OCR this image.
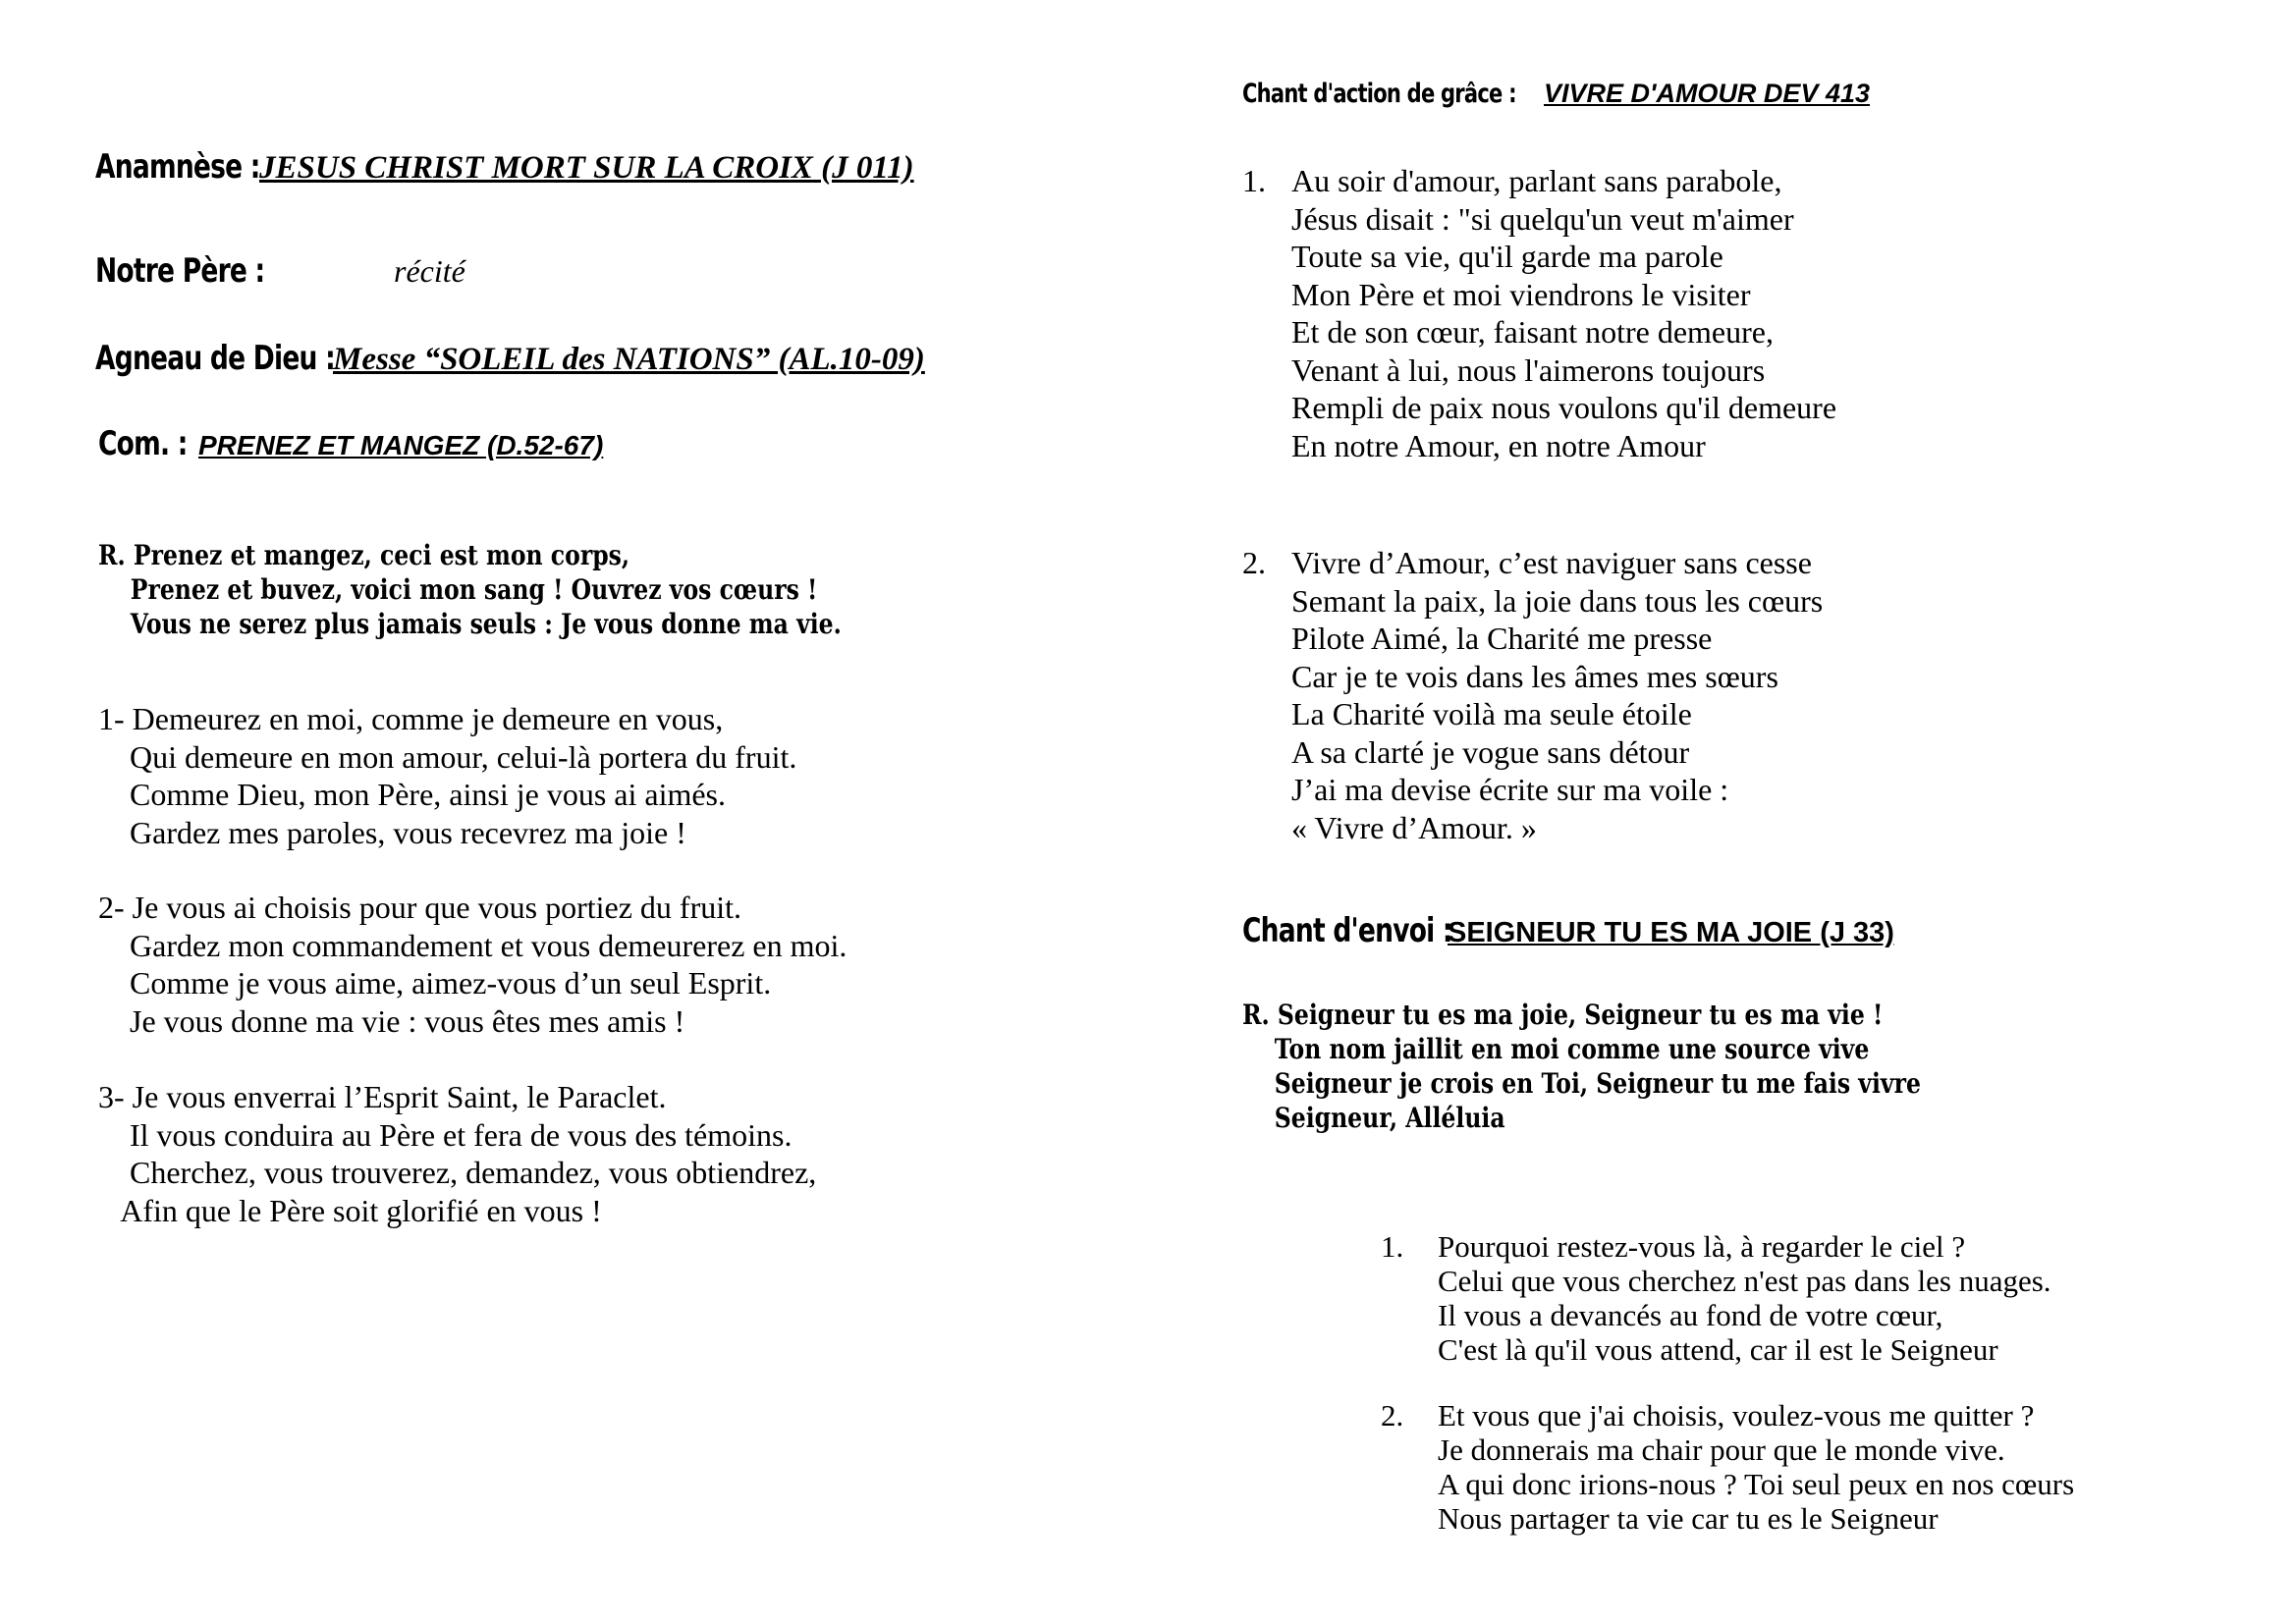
Anamnèse : JESUS CHRIST MORT SUR LA CROIX (J 011)
Notre Père :	récité
Agneau de Dieu : Messe “SOLEIL des NATIONS” (AL.10-09)
Com. : PRENEZ ET MANGEZ (D.52-67)
R. Prenez et mangez, ceci est mon corps,
Prenez et buvez, voici mon sang ! Ouvrez vos cœurs !
Vous ne serez plus jamais seuls : Je vous donne ma vie.
1- Demeurez en moi, comme je demeure en vous,
Qui demeure en mon amour, celui-là portera du fruit.
Comme Dieu, mon Père, ainsi je vous ai aimés.
Gardez mes paroles, vous recevrez ma joie !
2- Je vous ai choisis pour que vous portiez du fruit.
Gardez mon commandement et vous demeurerez en moi.
Comme je vous aime, aimez-vous d’un seul Esprit.
Je vous donne ma vie : vous êtes mes amis !
3- Je vous enverrai l’Esprit Saint, le Paraclet.
Il vous conduira au Père et fera de vous des témoins.
Cherchez, vous trouverez, demandez, vous obtiendrez,
Afin que le Père soit glorifié en vous !
Chant d'action de grâce : VIVRE D'AMOUR DEV 413
1. Au soir d'amour, parlant sans parabole,
Jésus disait : "si quelqu'un veut m'aimer
Toute sa vie, qu'il garde ma parole
Mon Père et moi viendrons le visiter
Et de son cœur, faisant notre demeure,
Venant à lui, nous l'aimerons toujours
Rempli de paix nous voulons qu'il demeure
En notre Amour, en notre Amour
2. Vivre d’Amour, c’est naviguer sans cesse
Semant la paix, la joie dans tous les cœurs
Pilote Aimé, la Charité me presse
Car je te vois dans les âmes mes sœurs
La Charité voilà ma seule étoile
A sa clarté je vogue sans détour
J’ai ma devise écrite sur ma voile :
« Vivre d’Amour. »
Chant d'envoi : SEIGNEUR TU ES MA JOIE (J 33)
R. Seigneur tu es ma joie, Seigneur tu es ma vie !
Ton nom jaillit en moi comme une source vive
Seigneur je crois en Toi, Seigneur tu me fais vivre
Seigneur, Alléluia
1.	Pourquoi restez-vous là, à regarder le ciel ?
Celui que vous cherchez n'est pas dans les nuages.
Il vous a devancés au fond de votre cœur,
C'est là qu'il vous attend, car il est le Seigneur
2.	Et vous que j'ai choisis, voulez-vous me quitter ?
Je donnerais ma chair pour que le monde vive.
A qui donc irions-nous ? Toi seul peux en nos cœurs
Nous partager ta vie car tu es le Seigneur
